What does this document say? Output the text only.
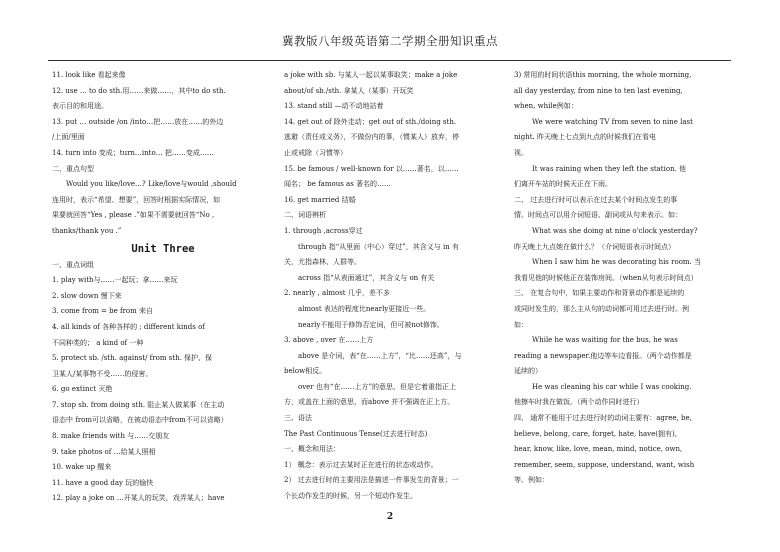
冀教版八年级英语第二学期全册知识重点
11. look like 看起来像
12. use … to do sth.用……来做……，其中to do sth.
表示目的和用途。
13. put … outside /on /into…把……放在……的外边
/上面/里面
14. turn into 变成；turn…into… 把……变成……
二、重点句型
Would you like/love…? Like/love与would ,should
连用时，表示“希望、想要”，回答时根据实际情况，如
果要就回答“Yes , please .”如果不需要就回答“No ,
thanks/thank you .”
Unit Three
一、重点词组
1. play with与……一起玩；拿……来玩
2. slow down 慢下来
3. come from = be from 来自
4. all kinds of 各种各样的 ; different kinds of
不同种类的； a kind of 一种
5. protect sb. /sth. against/ from sth. 保护、保
卫某人/某事物不受……的侵害。
6. go extinct 灭绝
7. stop sb. from doing sth. 阻止某人做某事（在主动
语态中 from可以省略，在被动语态中from不可以省略）
8. make friends with 与……交朋友
9. take photos of …给某人照相
10. wake up 醒来
11. have a good day 玩的愉快
12. play a joke on …开某人的玩笑，戏弄某人；have
a joke with sb. 与某人一起以某事取笑；make a joke
about/of sb./sth. 拿某人（某事）开玩笑
13. stand still —动不动地站着
14. get out of 除外走动；get out of sth./doing sth.
逃避（责任或义务），不做份内的事，（惯某人）放弃，停
止或戒除（习惯等）
15. be famous / well-known for 以……著名，以……
闻名； be famous as 著名的……
16. get married 结婚
二、词语辨析
1. through ,across穿过
through 指“从里面（中心）穿过”，其含义与 in 有
关，尤指森林、人群等。
across 指“从表面通过”，其含义与 on 有关
2. nearly , almost 几乎，差不多
almost 表达的程度比nearly更接近一些。
nearly不能用于修饰否定词，但可被not修饰。
3. above , over 在……上方
above 是介词，表“在……上方”，“比……还高”，与
below相反。
over 也有“在……上方”的意思，但是它着重指正上
方，或盖在上面的意思，而above 并不强调在正上方。
三、语法
The Past Continuous Tense(过去进行时态)
一、概念和用法：
1） 概念：表示过去某时正在进行的状态或动作。
2） 过去进行时的主要用法是描述一件事发生的背景；一
个长动作发生的时候，另一个短动作发生。
3) 常用的时间状语this morning, the whole morning,
all day yesterday, from nine to ten last evening,
when, while例如：
We were watching TV from seven to nine last
night. 昨天晚上七点到九点的时候我们在看电
视。
It was raining when they left the station. 他
们离开车站的时候天正在下雨。
二、 过去进行时可以表示在过去某个时间点发生的事
情。时间点可以用介词短语、副词或从句来表示。如：
What was she doing at nine o'clock yesterday?
昨天晚上九点她在做什么？（介词短语表示时间点）
When I saw him he was decorating his room. 当
我看见他的时候他正在装饰房间。（when从句表示时间点）
三、 在复合句中，如果主要动作和背景动作都是延续的
或同时发生的，那么主从句的动词都可用过去进行时。例
如：
While he was waiting for the bus, he was
reading a newspaper.他边等车边看报。（两个动作都是
延续的）
He was cleaning his car while I was cooking.
他擦车时我在做饭。（两个动作同时进行）
四、 通常不能用于过去进行时的动词主要有：agree, be,
believe, belong, care, forget, hate, have(拥有),
hear, know, like, love, mean, mind, notice, own,
remember, seem, suppose, understand, want, wish
等。例如：
2
